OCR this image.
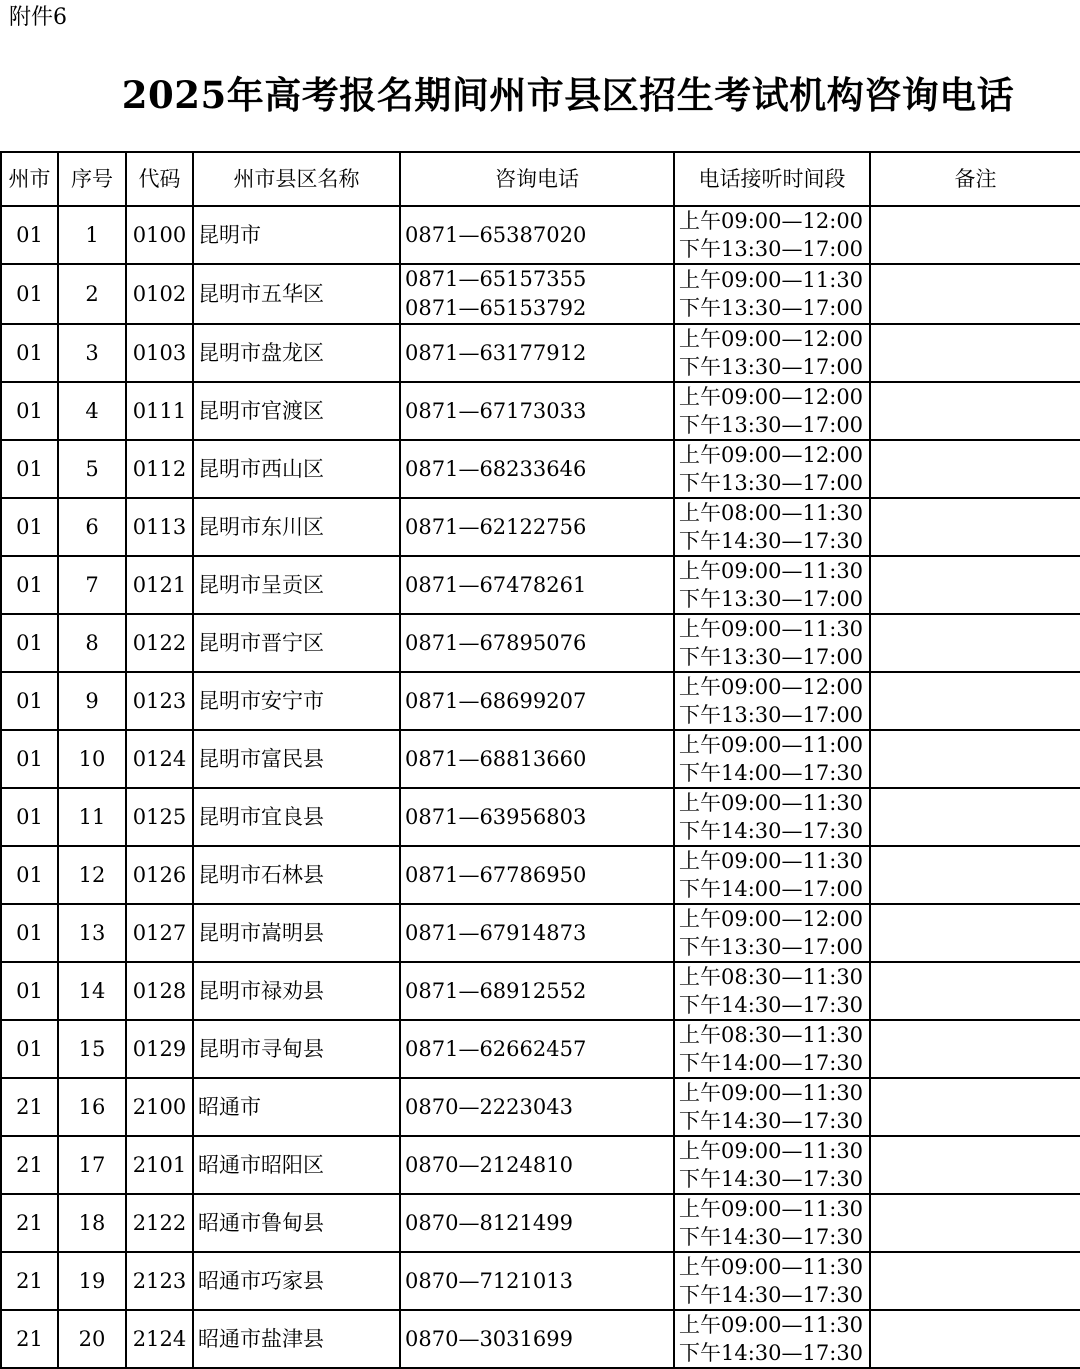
附件6
2025年高考报名期间州市县区招生考试机构咨询电话
州市	序号	代码	州市县区名称	咨询电话	电话接听时间段	备注
01	1	0100	昆明市	0871—65387020	上午09:00—12:00
下午13:30—17:00	

01	2	0102	昆明市五华区	0871—65157355
0871—65153792	上午09:00—11:30
下午13:30—17:00	

01	3	0103	昆明市盘龙区	0871—63177912	上午09:00—12:00
下午13:30—17:00	

01	4	0111	昆明市官渡区	0871—67173033	上午09:00—12:00
下午13:30—17:00	

01	5	0112	昆明市西山区	0871—68233646	上午09:00—12:00
下午13:30—17:00	

01	6	0113	昆明市东川区	0871—62122756	上午08:00—11:30
下午14:30—17:30	

01	7	0121	昆明市呈贡区	0871—67478261	上午09:00—11:30
下午13:30—17:00	

01	8	0122	昆明市晋宁区	0871—67895076	上午09:00—11:30
下午13:30—17:00	

01	9	0123	昆明市安宁市	0871—68699207	上午09:00—12:00
下午13:30—17:00	

01	10	0124	昆明市富民县	0871—68813660	上午09:00—11:00
下午14:00—17:30	

01	11	0125	昆明市宜良县	0871—63956803	上午09:00—11:30
下午14:30—17:30	

01	12	0126	昆明市石林县	0871—67786950	上午09:00—11:30
下午14:00—17:00	

01	13	0127	昆明市嵩明县	0871—67914873	上午09:00—12:00
下午13:30—17:00	

01	14	0128	昆明市禄劝县	0871—68912552	上午08:30—11:30
下午14:30—17:30	

01	15	0129	昆明市寻甸县	0871—62662457	上午08:30—11:30
下午14:00—17:30	

21	16	2100	昭通市	0870—2223043	上午09:00—11:30
下午14:30—17:30	

21	17	2101	昭通市昭阳区	0870—2124810	上午09:00—11:30
下午14:30—17:30	

21	18	2122	昭通市鲁甸县	0870—8121499	上午09:00—11:30
下午14:30—17:30	

21	19	2123	昭通市巧家县	0870—7121013	上午09:00—11:30
下午14:30—17:30	

21	20	2124	昭通市盐津县	0870—3031699	上午09:00—11:30
下午14:30—17:30	
